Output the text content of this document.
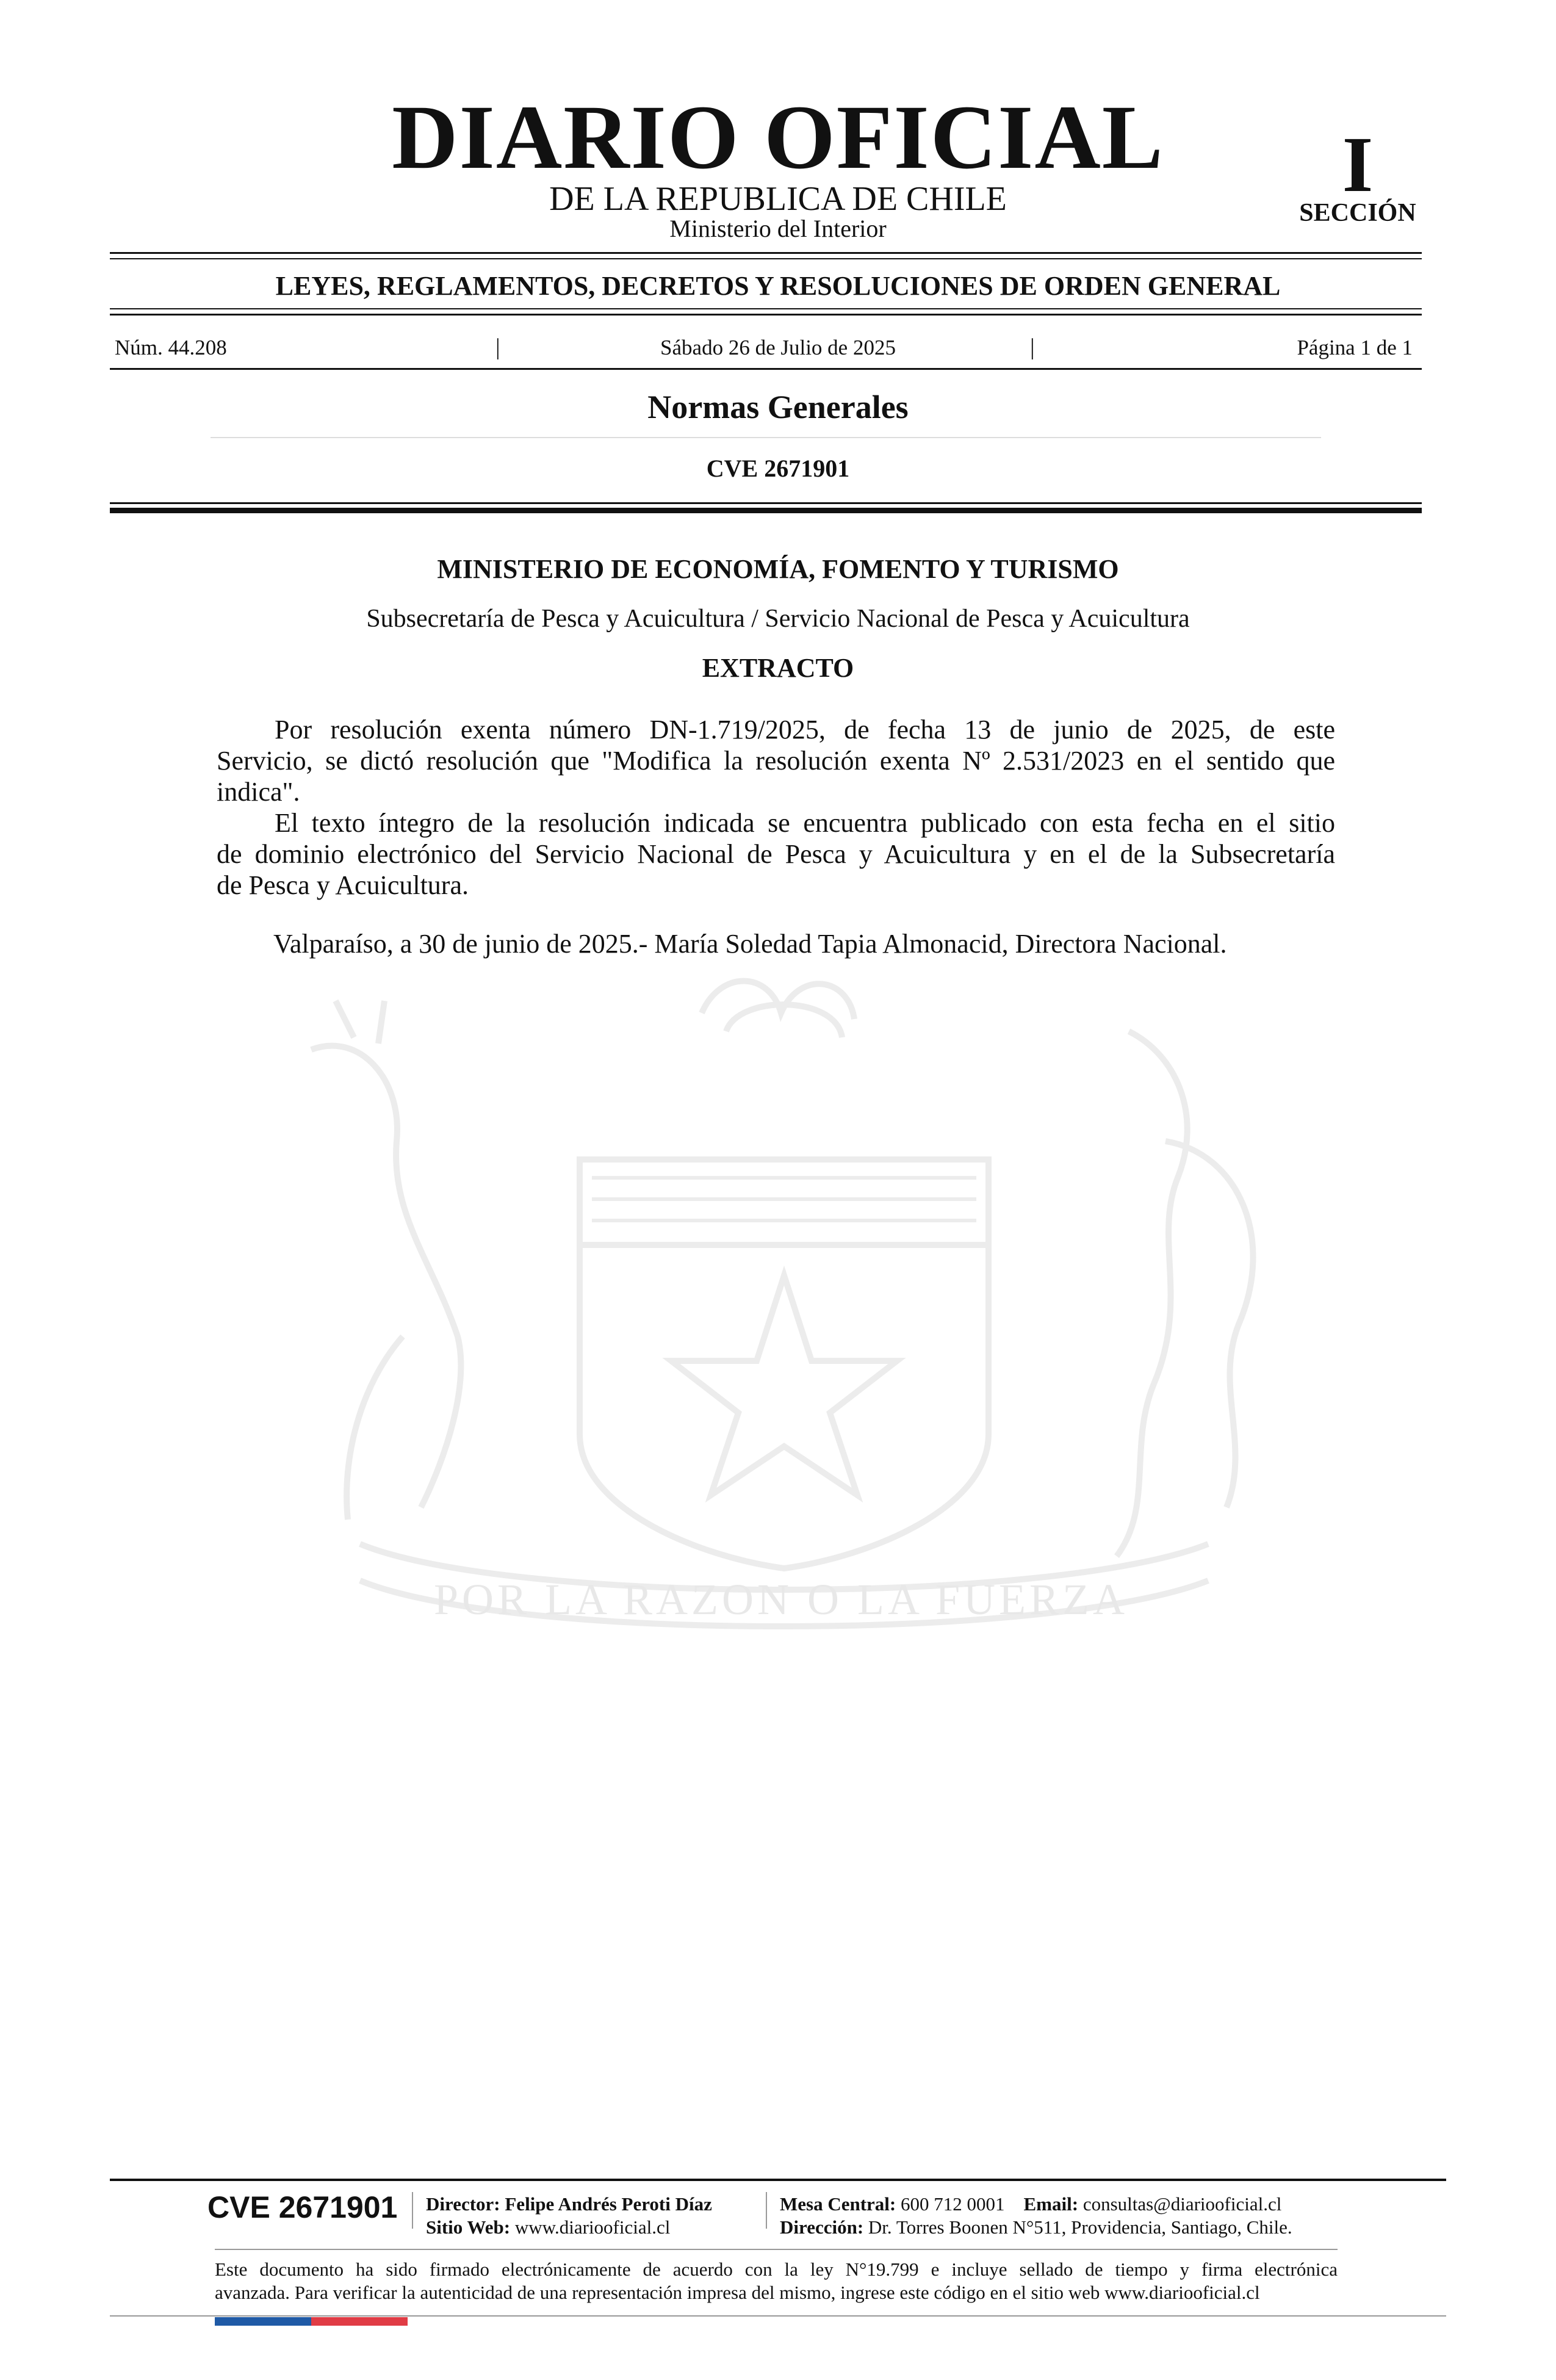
DIARIO OFICIAL
DE LA REPUBLICA DE CHILE
Ministerio del Interior
I
SECCIÓN
LEYES, REGLAMENTOS, DECRETOS Y RESOLUCIONES DE ORDEN GENERAL
Núm. 44.208	|	Sábado 26 de Julio de 2025	|	Página 1 de 1
Normas Generales
CVE 2671901
MINISTERIO DE ECONOMÍA, FOMENTO Y TURISMO
Subsecretaría de Pesca y Acuicultura / Servicio Nacional de Pesca y Acuicultura
EXTRACTO
Por resolución exenta número DN-1.719/2025, de fecha 13 de junio de 2025, de este
Servicio, se dictó resolución que "Modifica la resolución exenta Nº 2.531/2023 en el sentido que
indica".
El texto íntegro de la resolución indicada se encuentra publicado con esta fecha en el sitio
de dominio electrónico del Servicio Nacional de Pesca y Acuicultura y en el de la Subsecretaría
de Pesca y Acuicultura.
Valparaíso, a 30 de junio de 2025.- María Soledad Tapia Almonacid, Directora Nacional.
POR LA RAZON O LA FUERZA
CVE 2671901 Director: Felipe Andrés Peroti Díaz
Sitio Web: www.diariooficial.cl
Mesa Central: 600 712 0001 Email: consultas@diariooficial.cl
Dirección: Dr. Torres Boonen N°511, Providencia, Santiago, Chile.
Este documento ha sido firmado electrónicamente de acuerdo con la ley N°19.799 e incluye sellado de tiempo y firma electrónica
avanzada. Para verificar la autenticidad de una representación impresa del mismo, ingrese este código en el sitio web www.diariooficial.cl
